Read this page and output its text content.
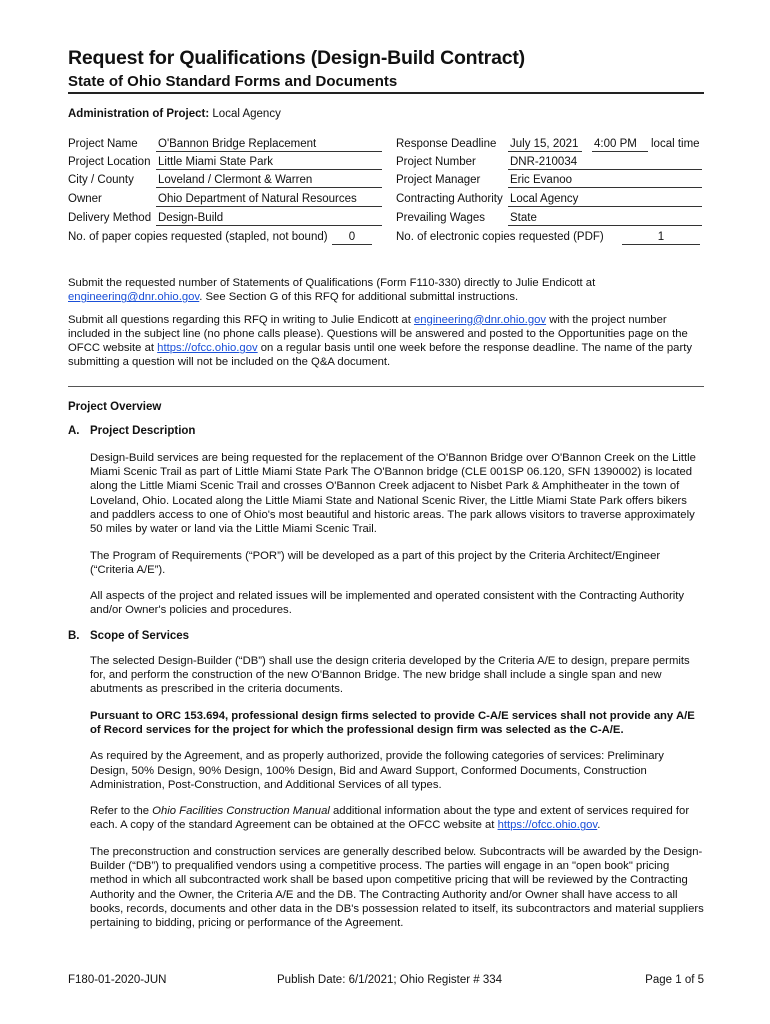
Request for Qualifications (Design-Build Contract)
State of Ohio Standard Forms and Documents
Administration of Project: Local Agency
Project Name O'Bannon Bridge Replacement
Project Location Little Miami State Park
City / County Loveland / Clermont & Warren
Owner	Ohio Department of Natural Resources
Delivery Method Design-Build
No. of paper copies requested (stapled, not bound)	0
Response Deadline July 15, 2021	4:00 PM	local time
Project Number	DNR-210034
Project Manager	Eric Evanoo
Contracting Authority Local Agency
Prevailing Wages State
No. of electronic copies requested (PDF)	1

Submit the requested number of Statements of Qualifications (Form F110-330) directly to Julie Endicott at
engineering@dnr.ohio.gov. See Section G of this RFQ for additional submittal instructions.

Submit all questions regarding this RFQ in writing to Julie Endicott at engineering@dnr.ohio.gov with the project number included in the subject line (no phone calls please). Questions will be answered and posted to the Opportunities page on the OFCC website at https://ofcc.ohio.gov on a regular basis until one week before the response deadline. The name of the party submitting a question will not be included on the Q&A document.

Project Overview
A. Project Description

Design-Build services are being requested for the replacement of the O'Bannon Bridge over O'Bannon Creek on the Little Miami Scenic Trail as part of Little Miami State Park The O'Bannon bridge (CLE 001SP 06.120, SFN 1390002) is located along the Little Miami Scenic Trail and crosses O'Bannon Creek adjacent to Nisbet Park & Amphitheater in the town of Loveland, Ohio. Located along the Little Miami State and National Scenic River, the Little Miami State Park offers bikers and paddlers access to one of Ohio's most beautiful and historic areas. The park allows visitors to traverse approximately 50 miles by water or land via the Little Miami Scenic Trail.

The Program of Requirements (“POR”) will be developed as a part of this project by the Criteria Architect/Engineer (“Criteria A/E”).

All aspects of the project and related issues will be implemented and operated consistent with the Contracting Authority and/or Owner's policies and procedures.

B. Scope of Services

The selected Design-Builder (“DB”) shall use the design criteria developed by the Criteria A/E to design, prepare permits for, and perform the construction of the new O'Bannon Bridge. The new bridge shall include a single span and new abutments as prescribed in the criteria documents.

Pursuant to ORC 153.694, professional design firms selected to provide C-A/E services shall not provide any A/E of Record services for the project for which the professional design firm was selected as the C-A/E.

As required by the Agreement, and as properly authorized, provide the following categories of services: Preliminary Design, 50% Design, 90% Design, 100% Design, Bid and Award Support, Conformed Documents, Construction Administration, Post-Construction, and Additional Services of all types.

Refer to the Ohio Facilities Construction Manual additional information about the type and extent of services required for each. A copy of the standard Agreement can be obtained at the OFCC website at https://ofcc.ohio.gov.

The preconstruction and construction services are generally described below. Subcontracts will be awarded by the Design-Builder (“DB”) to prequalified vendors using a competitive process. The parties will engage in an "open book" pricing method in which all subcontracted work shall be based upon competitive pricing that will be reviewed by the Contracting Authority and the Owner, the Criteria A/E and the DB. The Contracting Authority and/or Owner shall have access to all books, records, documents and other data in the DB's possession related to itself, its subcontractors and material suppliers pertaining to bidding, pricing or performance of the Agreement.

F180-01-2020-JUN	Publish Date: 6/1/2021; Ohio Register # 334	Page 1 of 5
